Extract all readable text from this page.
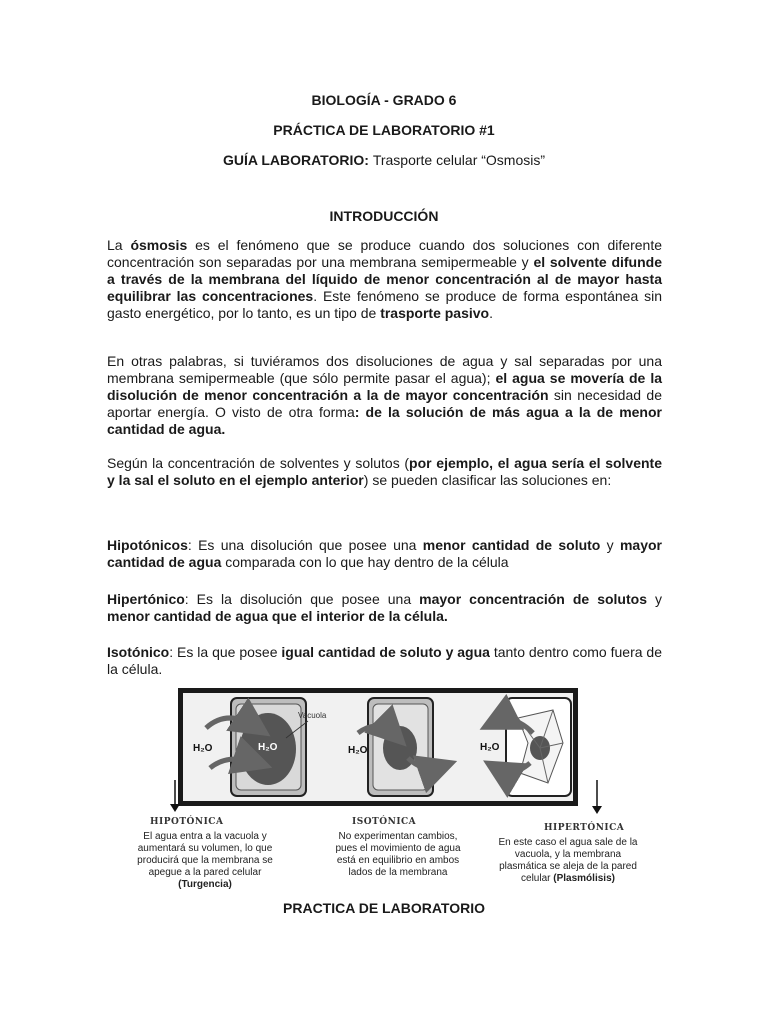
BIOLOGÍA - GRADO 6
PRÁCTICA DE LABORATORIO #1
GUÍA LABORATORIO: Trasporte celular “Osmosis”
INTRODUCCIÓN

La ósmosis es el fenómeno que se produce cuando dos soluciones con diferente concentración son separadas por una membrana semipermeable y el solvente difunde a través de la membrana del líquido de menor concentración al de mayor hasta equilibrar las concentraciones. Este fenómeno se produce de forma espontánea sin gasto energético, por lo tanto, es un tipo de trasporte pasivo.

En otras palabras, si tuviéramos dos disoluciones de agua y sal separadas por una membrana semipermeable (que sólo permite pasar el agua); el agua se movería de la disolución de menor concentración a la de mayor concentración sin necesidad de aportar energía. O visto de otra forma: de la solución de más agua a la de menor cantidad de agua.

Según la concentración de solventes y solutos (por ejemplo, el agua sería el solvente y la sal el soluto en el ejemplo anterior) se pueden clasificar las soluciones en:

Hipotónicos: Es una disolución que posee una menor cantidad de soluto y mayor cantidad de agua comparada con lo que hay dentro de la célula

Hipertónico: Es la disolución que posee una mayor concentración de solutos y menor cantidad de agua que el interior de la célula.

Isotónico: Es la que posee igual cantidad de soluto y agua tanto dentro como fuera de la célula.

H₂O
H₂O
Vacuola
H₂O	H₂O
HIPOTÓNICA
El agua entra a la vacuola y aumentará su volumen, lo que producirá que la membrana se apegue a la pared celular
(Turgencia)
ISOTÓNICA
No experimentan cambios, pues el movimiento de agua está en equilibrio en ambos lados de la membrana
HIPERTÓNICA
En este caso el agua sale de la vacuola, y la membrana plasmática se aleja de la pared celular (Plasmólisis)
PRACTICA DE LABORATORIO
